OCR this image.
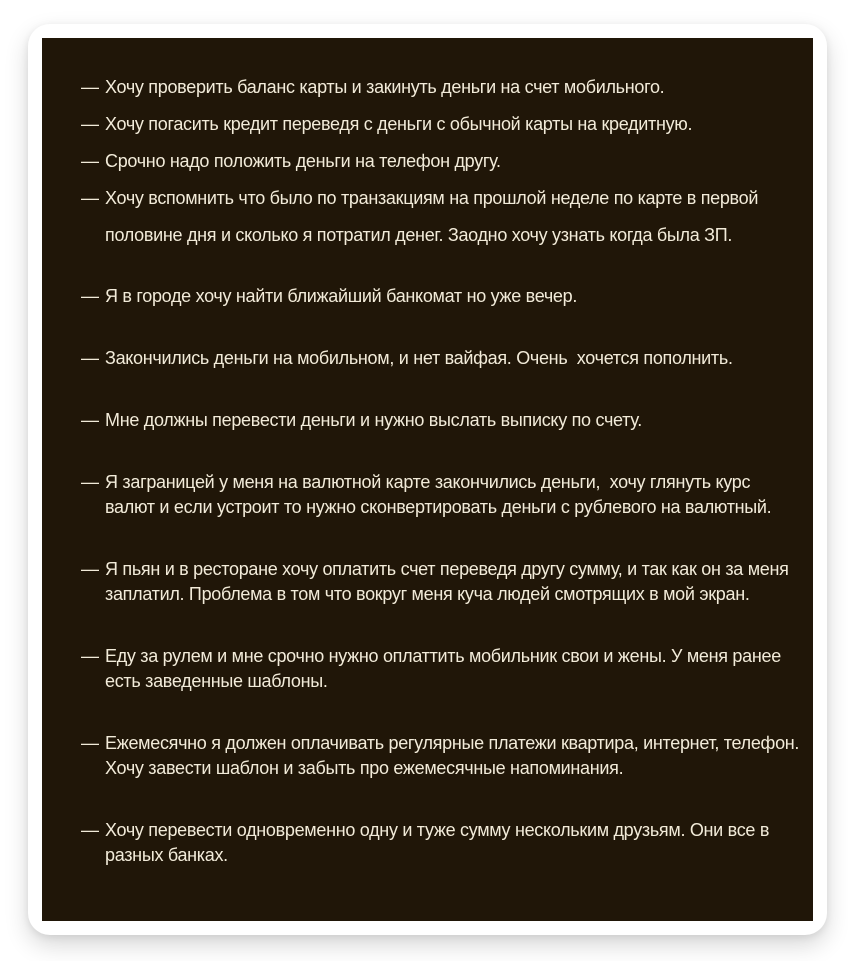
— Хочу проверить баланс карты и закинуть деньги на счет мобильного.
— Хочу погасить кредит переведя с деньги с обычной карты на кредитную.
— Срочно надо положить деньги на телефон другу.
— Хочу вспомнить что было по транзакциям на прошлой неделе по карте в первой
половине дня и сколько я потратил денег. Заодно хочу узнать когда была ЗП.
— Я в городе хочу найти ближайший банкомат но уже вечер.
— Закончились деньги на мобильном, и нет вайфая. Очень  хочется пополнить.
— Мне должны перевести деньги и нужно выслать выписку по счету.
— Я заграницей у меня на валютной карте закончились деньги,  хочу глянуть курс
валют и если устроит то нужно сконвертировать деньги с рублевого на валютный.
— Я пьян и в ресторане хочу оплатить счет переведя другу сумму, и так как он за меня
заплатил. Проблема в том что вокруг меня куча людей смотрящих в мой экран.
— Еду за рулем и мне срочно нужно оплаттить мобильник свои и жены. У меня ранее
есть заведенные шаблоны.
— Ежемесячно я должен оплачивать регулярные платежи квартира, интернет, телефон.
Хочу завести шаблон и забыть про ежемесячные напоминания.
— Хочу перевести одновременно одну и туже сумму нескольким друзьям. Они все в
разных банках.
